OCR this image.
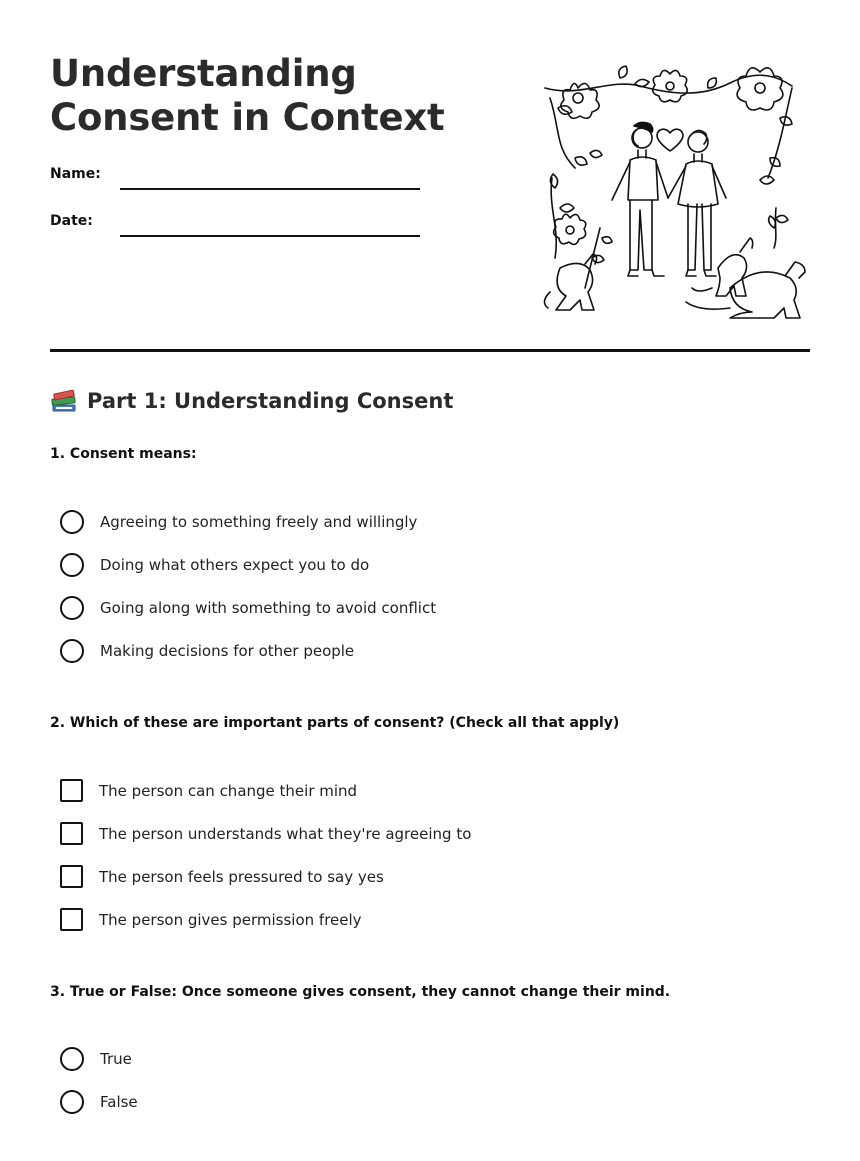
Understanding Consent in Context
Name:
Date:
Part 1: Understanding Consent

1. Consent means:

Agreeing to something freely and willingly
Doing what others expect you to do
Going along with something to avoid conflict
Making decisions for other people

2. Which of these are important parts of consent? (Check all that apply)

The person can change their mind
The person understands what they're agreeing to
The person feels pressured to say yes
The person gives permission freely

3. True or False: Once someone gives consent, they cannot change their mind.

True
False
